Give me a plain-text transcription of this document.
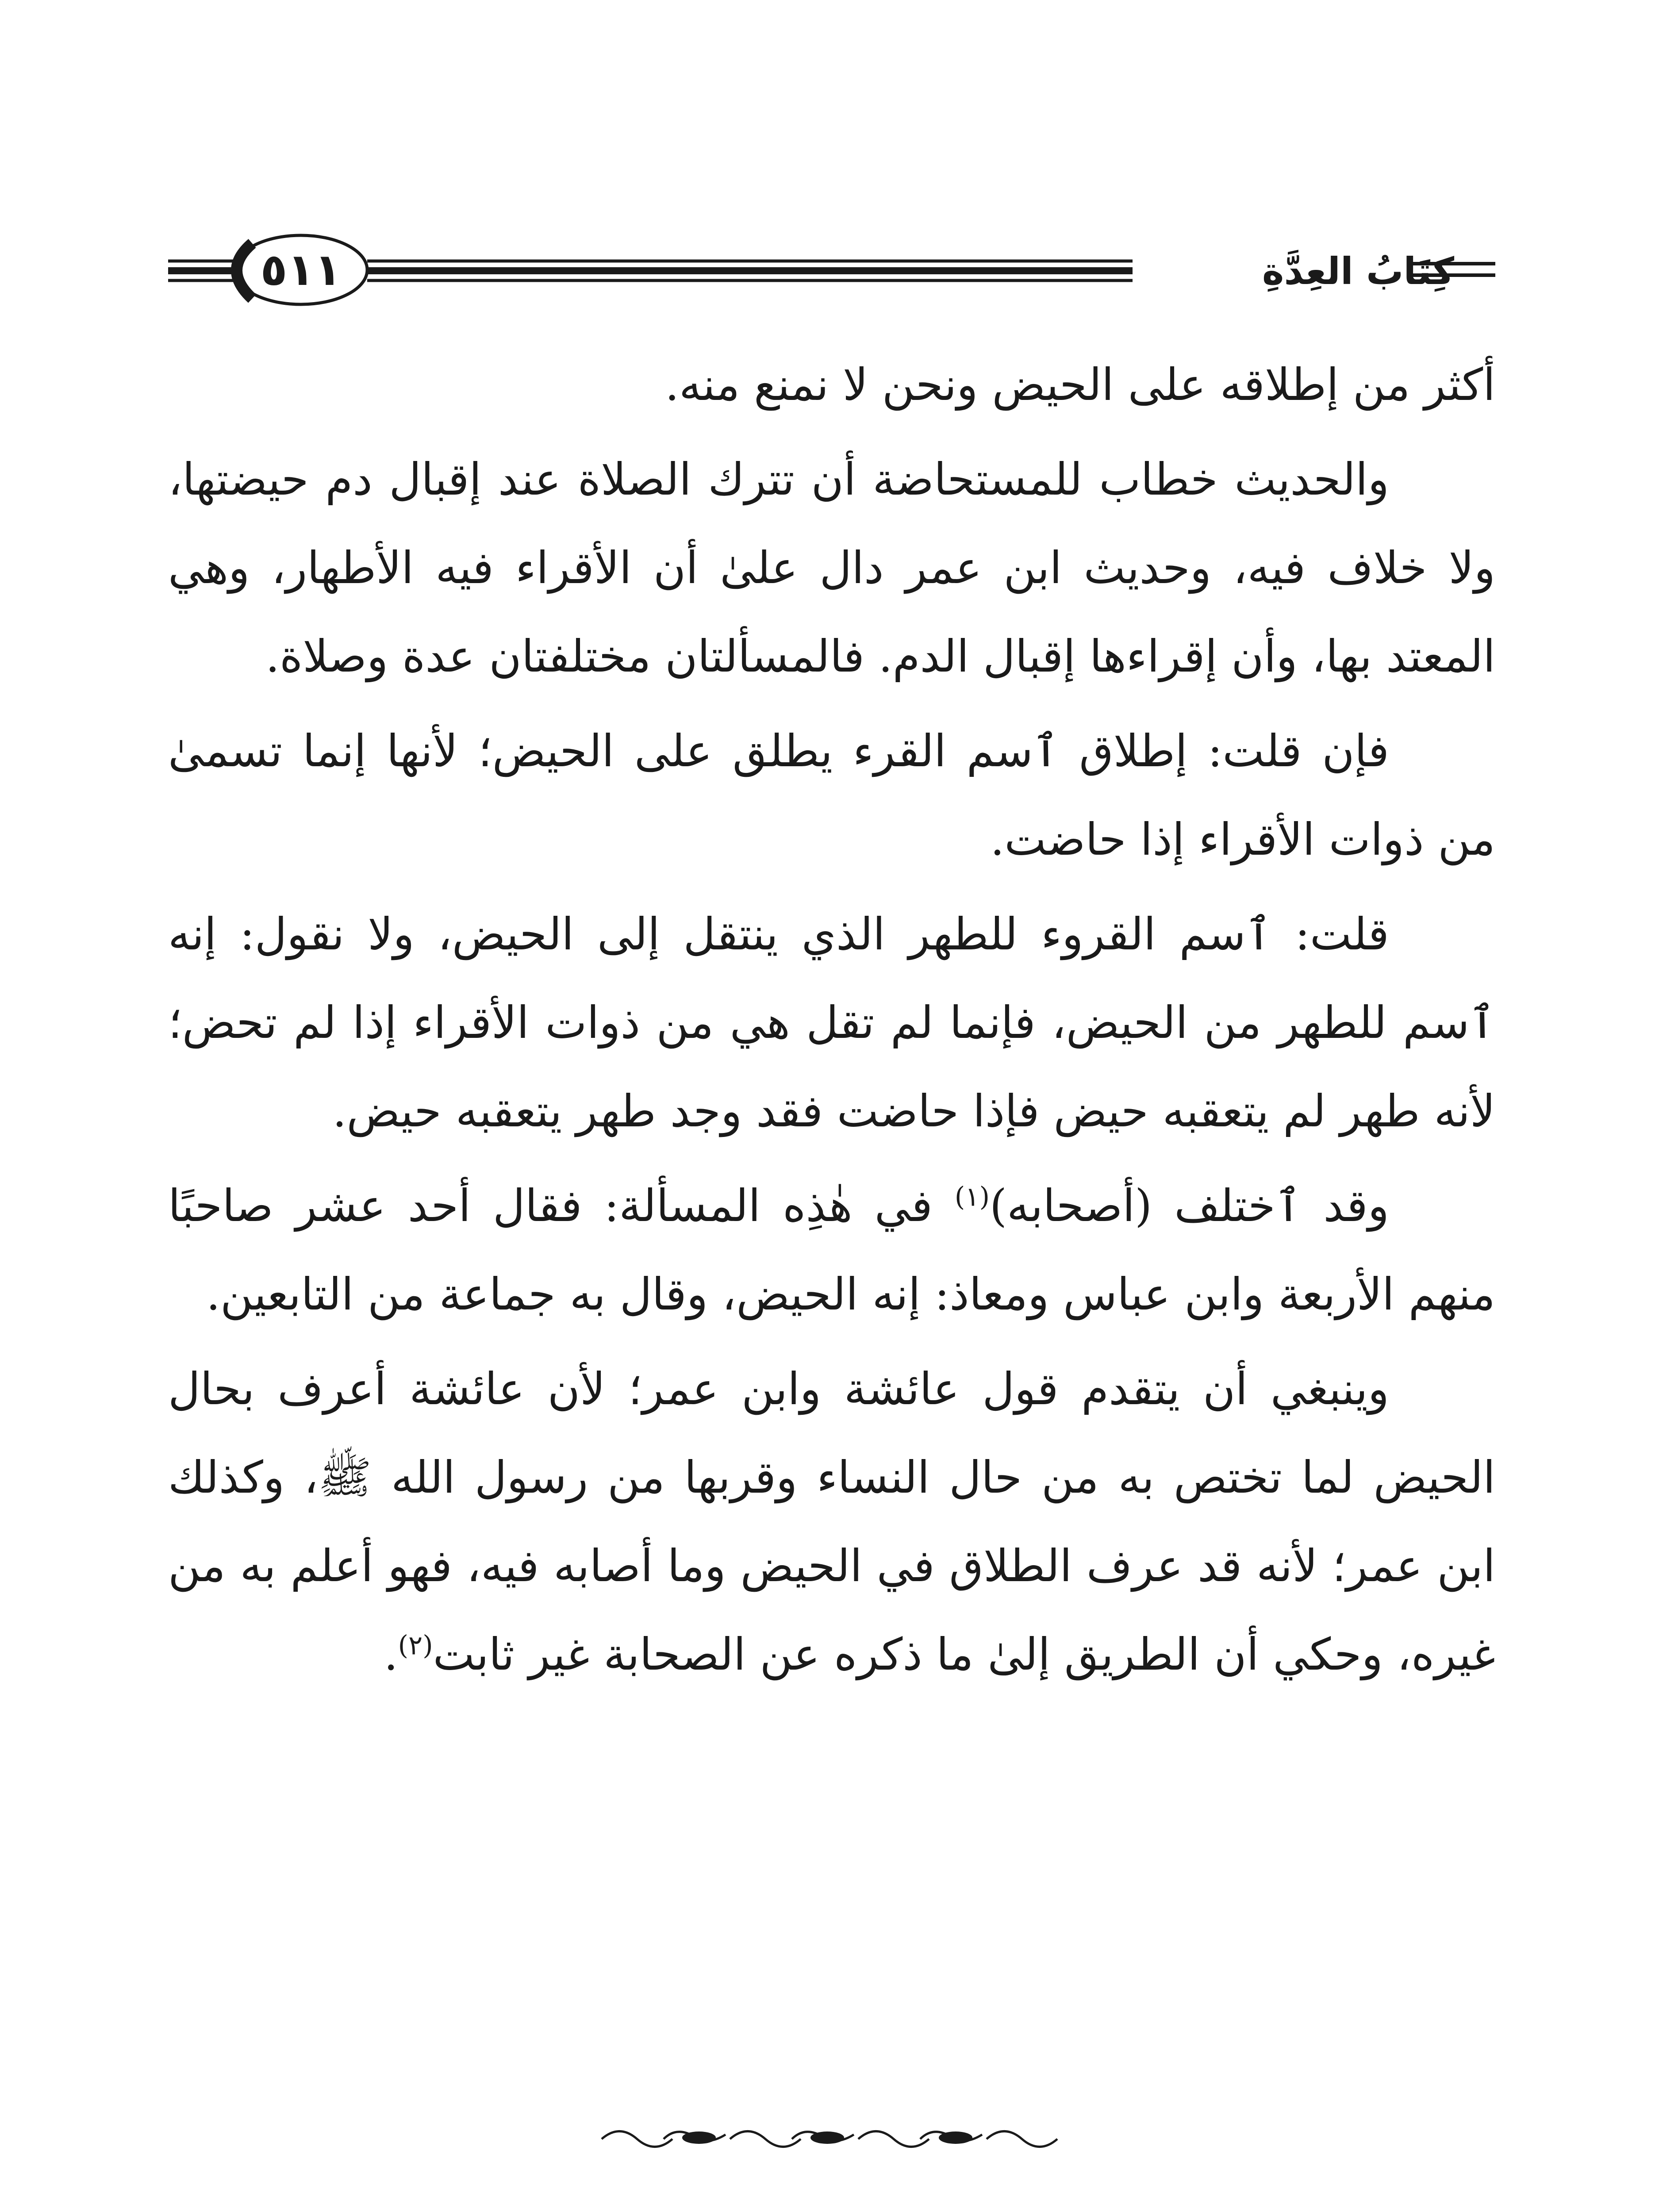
٥١١	كِتَابُ العِدَّةِ

أكثر من إطلاقه على الحيض ونحن لا نمنع منه.

والحديث خطاب للمستحاضة أن تترك الصلاة عند إقبال دم حيضتها، ولا خلاف فيه، وحديث ابن عمر دال علىٰ أن الأقراء فيه الأطهار، وهي المعتد بها، وأن إقراءها إقبال الدم. فالمسألتان مختلفتان عدة وصلاة.

فإن قلت: إطلاق ٱسم القرء يطلق على الحيض؛ لأنها إنما تسمىٰ من ذوات الأقراء إذا حاضت.

قلت: ٱسم القروء للطهر الذي ينتقل إلى الحيض، ولا نقول: إنه ٱسم للطهر من الحيض، فإنما لم تقل هي من ذوات الأقراء إذا لم تحض؛ لأنه طهر لم يتعقبه حيض فإذا حاضت فقد وجد طهر يتعقبه حيض.

وقد ٱختلف (أصحابه)$^{(١)}$ في هٰذِه المسألة: فقال أحد عشر صاحبًا منهم الأربعة وابن عباس ومعاذ: إنه الحيض، وقال به جماعة من التابعين.

وينبغي أن يتقدم قول عائشة وابن عمر؛ لأن عائشة أعرف بحال الحيض لما تختص به من حال النساء وقربها من رسول الله ﷺ، وكذلك ابن عمر؛ لأنه قد عرف الطلاق في الحيض وما أصابه فيه، فهو أعلم به من غيره، وحكي أن الطريق إلىٰ ما ذكره عن الصحابة غير ثابت$^{(٢)}$.
